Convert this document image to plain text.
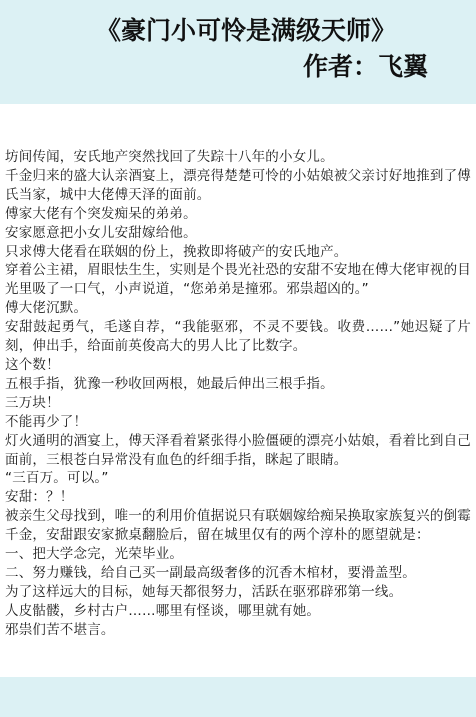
《豪门小可怜是满级天师》
作者：飞翼

坊间传闻，安氏地产突然找回了失踪十八年的小女儿。

千金归来的盛大认亲酒宴上，漂亮得楚楚可怜的小姑娘被父亲讨好地推到了傅氏当家，城中大佬傅天泽的面前。

傅家大佬有个突发痴呆的弟弟。

安家愿意把小女儿安甜嫁给他。

只求傅大佬看在联姻的份上，挽救即将破产的安氏地产。

穿着公主裙，眉眼怯生生，实则是个畏光社恐的安甜不安地在傅大佬审视的目光里吸了一口气，小声说道，“您弟弟是撞邪。邪祟超凶的。”

傅大佬沉默。

安甜鼓起勇气，毛遂自荐，“我能驱邪，不灵不要钱。收费……”她迟疑了片刻，伸出手，给面前英俊高大的男人比了比数字。

这个数！

五根手指，犹豫一秒收回两根，她最后伸出三根手指。

三万块！

不能再少了！

灯火通明的酒宴上，傅天泽看着紧张得小脸僵硬的漂亮小姑娘，看着比到自己面前，三根苍白异常没有血色的纤细手指，眯起了眼睛。

“三百万。可以。”

安甜：？！

被亲生父母找到，唯一的利用价值据说只有联姻嫁给痴呆换取家族复兴的倒霉千金，安甜跟安家掀桌翻脸后，留在城里仅有的两个淳朴的愿望就是：

一、把大学念完，光荣毕业。

二、努力赚钱，给自己买一副最高级奢侈的沉香木棺材，要滑盖型。

为了这样远大的目标，她每天都很努力，活跃在驱邪辟邪第一线。

人皮骷髅，乡村古户……哪里有怪谈，哪里就有她。

邪祟们苦不堪言。
